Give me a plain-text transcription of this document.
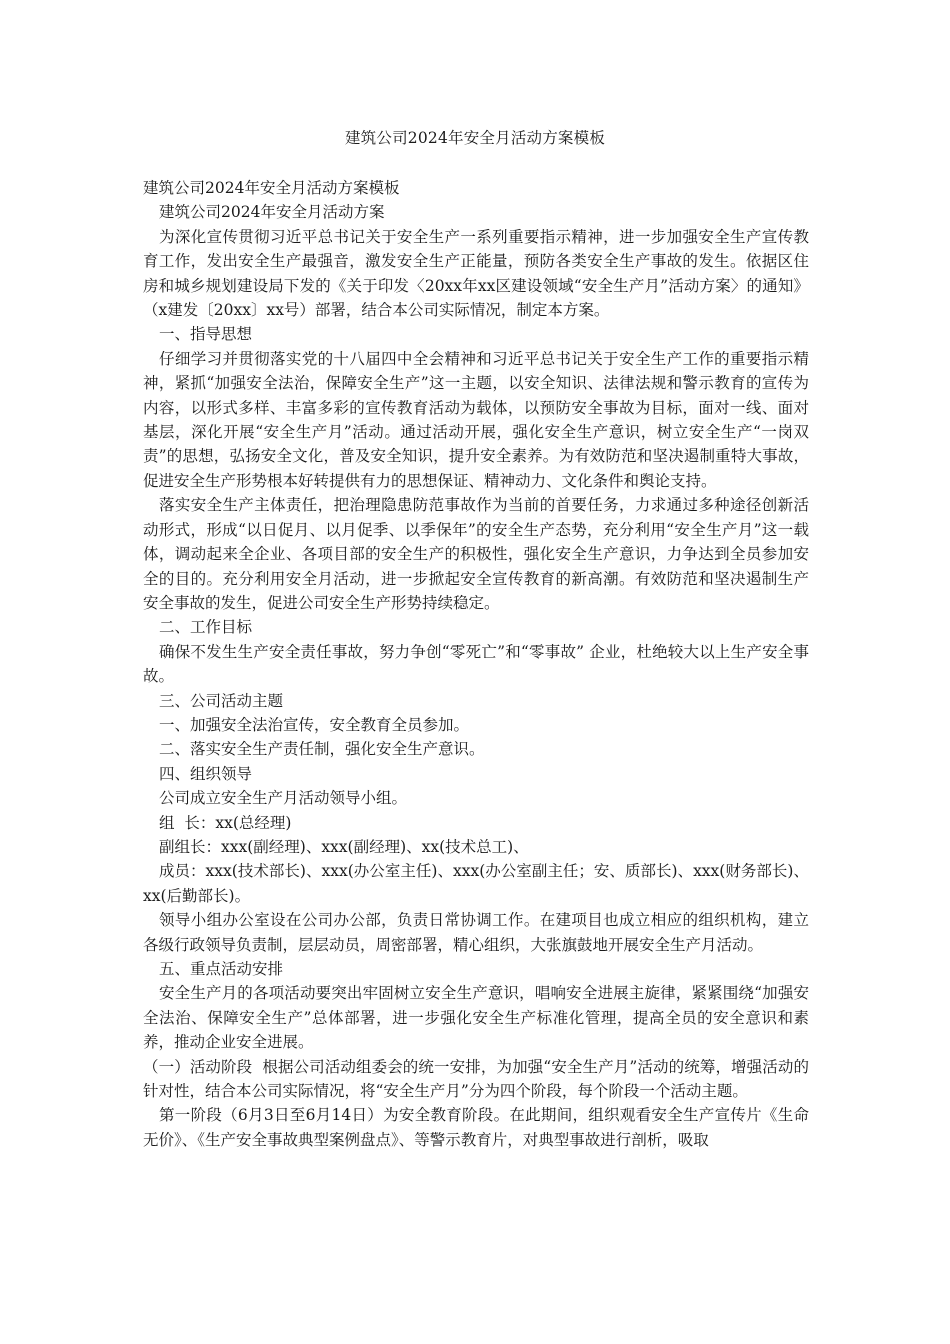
建筑公司2024年安全月活动方案模板

建筑公司2024年安全月活动方案模板

建筑公司2024年安全月活动方案

为深化宣传贯彻习近平总书记关于安全生产一系列重要指示精神，进一步加强安全生产宣传教育工作，发出安全生产最强音，激发安全生产正能量，预防各类安全生产事故的发生。依据区住房和城乡规划建设局下发的《关于印发〈20xx年xx区建设领域“安全生产月”活动方案〉的通知》（x建发〔20xx〕xx号）部署，结合本公司实际情况，制定本方案。

一、指导思想

仔细学习并贯彻落实党的十八届四中全会精神和习近平总书记关于安全生产工作的重要指示精神，紧抓“加强安全法治，保障安全生产”这一主题，以安全知识、法律法规和警示教育的宣传为内容，以形式多样、丰富多彩的宣传教育活动为载体，以预防安全事故为目标，面对一线、面对基层，深化开展“安全生产月”活动。通过活动开展，强化安全生产意识，树立安全生产“一岗双责”的思想，弘扬安全文化，普及安全知识，提升安全素养。为有效防范和坚决遏制重特大事故，促进安全生产形势根本好转提供有力的思想保证、精神动力、文化条件和舆论支持。

落实安全生产主体责任，把治理隐患防范事故作为当前的首要任务，力求通过多种途径创新活动形式，形成“以日促月、以月促季、以季保年”的安全生产态势，充分利用“安全生产月”这一载体，调动起来全企业、各项目部的安全生产的积极性，强化安全生产意识，力争达到全员参加安全的目的。充分利用安全月活动，进一步掀起安全宣传教育的新高潮。有效防范和坚决遏制生产安全事故的发生，促进公司安全生产形势持续稳定。

二、工作目标

确保不发生生产安全责任事故，努力争创“零死亡”和“零事故” 企业，杜绝较大以上生产安全事故。

三、公司活动主题

一、加强安全法治宣传，安全教育全员参加。

二、落实安全生产责任制，强化安全生产意识。

四、组织领导

公司成立安全生产月活动领导小组。

组  长：xx(总经理)

副组长：xxx(副经理)、xxx(副经理)、xx(技术总工)、

成员：xxx(技术部长)、xxx(办公室主任)、xxx(办公室副主任；安、质部长)、xxx(财务部长)、xx(后勤部长)。

领导小组办公室设在公司办公部，负责日常协调工作。在建项目也成立相应的组织机构，建立各级行政领导负责制，层层动员，周密部署，精心组织，大张旗鼓地开展安全生产月活动。

五、重点活动安排

安全生产月的各项活动要突出牢固树立安全生产意识，唱响安全进展主旋律，紧紧围绕“加强安全法治、保障安全生产”总体部署，进一步强化安全生产标准化管理，提高全员的安全意识和素养，推动企业安全进展。

（一）活动阶段  根据公司活动组委会的统一安排，为加强“安全生产月”活动的统筹，增强活动的针对性，结合本公司实际情况，将“安全生产月”分为四个阶段，每个阶段一个活动主题。

第一阶段（6月3日至6月14日）为安全教育阶段。在此期间，组织观看安全生产宣传片《生命无价》、《生产安全事故典型案例盘点》、等警示教育片，对典型事故进行剖析，吸取
